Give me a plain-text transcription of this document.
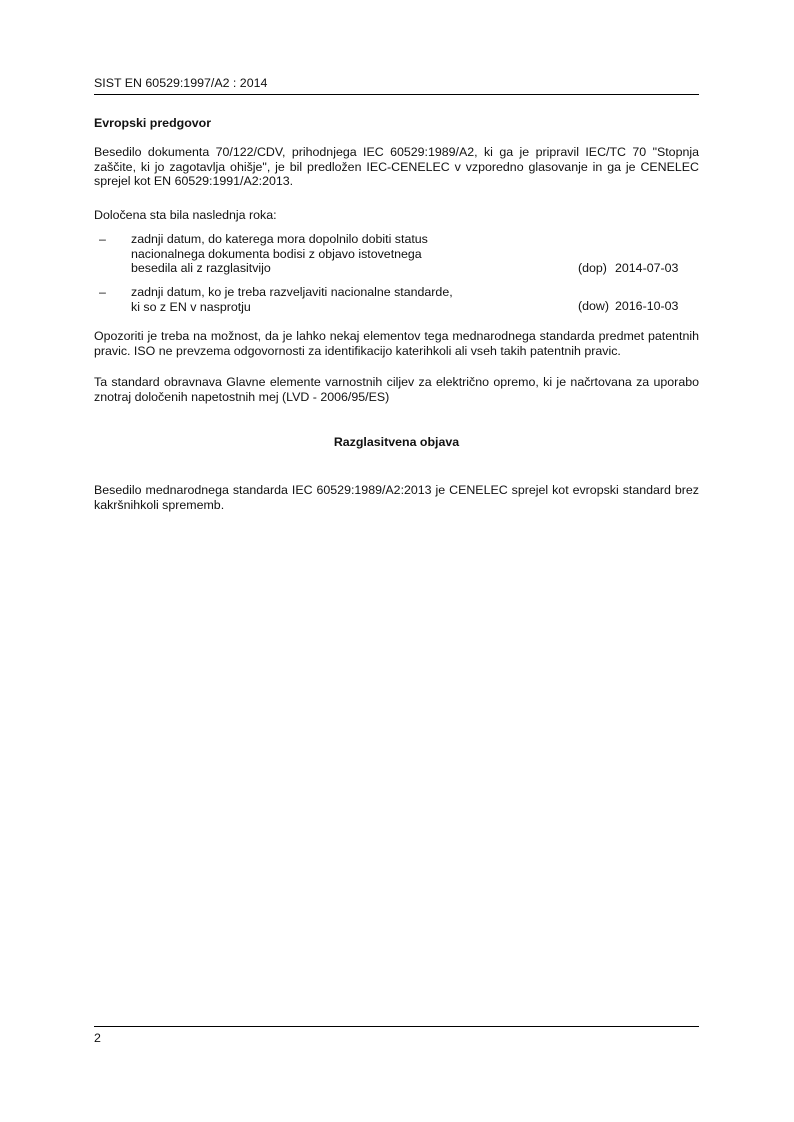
SIST EN 60529:1997/A2 : 2014
Evropski predgovor

Besedilo dokumenta 70/122/CDV, prihodnjega IEC 60529:1989/A2, ki ga je pripravil IEC/TC 70 "Stopnja zaščite, ki jo zagotavlja ohišje", je bil predložen IEC-CENELEC v vzporedno glasovanje in ga je CENELEC sprejel kot EN 60529:1991/A2:2013.

Določena sta bila naslednja roka:
– zadnji datum, do katerega mora dopolnilo dobiti status
nacionalnega dokumenta bodisi z objavo istovetnega
besedila ali z razglasitvijo	(dop) 2014-07-03
– zadnji datum, ko je treba razveljaviti nacionalne standarde,
ki so z EN v nasprotju	(dow) 2016-10-03

Opozoriti je treba na možnost, da je lahko nekaj elementov tega mednarodnega standarda predmet patentnih pravic. ISO ne prevzema odgovornosti za identifikacijo katerihkoli ali vseh takih patentnih pravic.

Ta standard obravnava Glavne elemente varnostnih ciljev za električno opremo, ki je načrtovana za uporabo znotraj določenih napetostnih mej (LVD - 2006/95/ES)

Razglasitvena objava

Besedilo mednarodnega standarda IEC 60529:1989/A2:2013 je CENELEC sprejel kot evropski standard brez kakršnihkoli sprememb.

2
